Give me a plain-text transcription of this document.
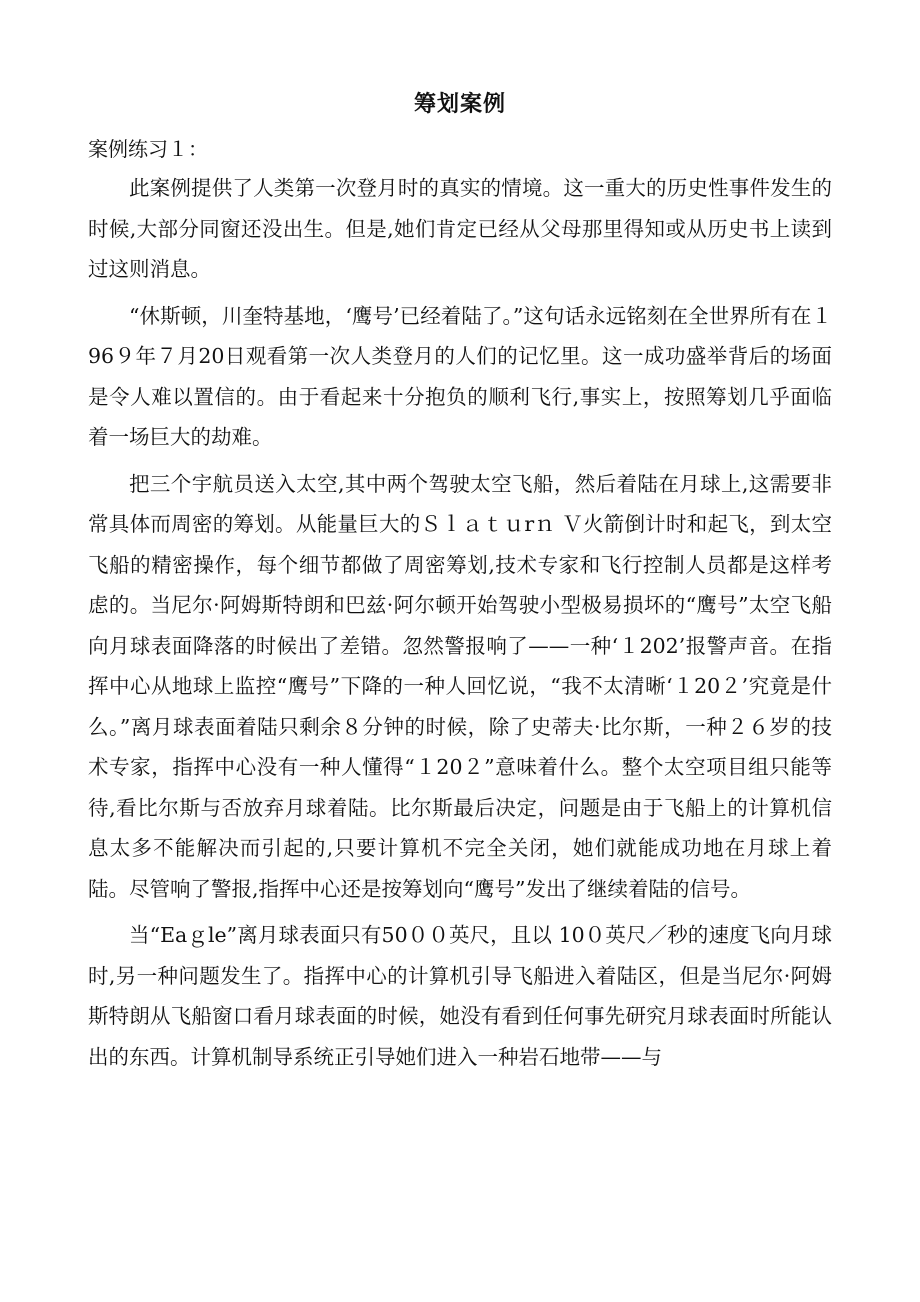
筹划案例
案例练习１：

此案例提供了人类第一次登月时的真实的情境。这一重大的历史性事件发生的时候,大部分同窗还没出生。但是,她们肯定已经从父母那里得知或从历史书上读到过这则消息。

“休斯顿，川奎特基地，‘鹰号’已经着陆了。”这句话永远铭刻在全世界所有在１96９年７月20日观看第一次人类登月的人们的记忆里。这一成功盛举背后的场面是令人难以置信的。由于看起来十分抱负的顺利飞行,事实上，按照筹划几乎面临着一场巨大的劫难。

把三个宇航员送入太空,其中两个驾驶太空飞船，然后着陆在月球上,这需要非常具体而周密的筹划。从能量巨大的Ｓｌａｔｕrｎ Ｖ火箭倒计时和起飞，到太空飞船的精密操作，每个细节都做了周密筹划,技术专家和飞行控制人员都是这样考虑的。当尼尔·阿姆斯特朗和巴兹·阿尔顿开始驾驶小型极易损坏的“鹰号”太空飞船向月球表面降落的时候出了差错。忽然警报响了——一种‘１202’报警声音。在指挥中心从地球上监控“鹰号”下降的一种人回忆说，“我不太清晰‘１20２’究竟是什么。”离月球表面着陆只剩余８分钟的时候，除了史蒂夫·比尔斯，一种２６岁的技术专家，指挥中心没有一种人懂得“１20２”意味着什么。整个太空项目组只能等待,看比尔斯与否放弃月球着陆。比尔斯最后决定，问题是由于飞船上的计算机信息太多不能解决而引起的,只要计算机不完全关闭，她们就能成功地在月球上着陆。尽管响了警报,指挥中心还是按筹划向“鹰号”发出了继续着陆的信号。

当“Eaｇle”离月球表面只有50００英尺，且以 10０英尺／秒的速度飞向月球时,另一种问题发生了。指挥中心的计算机引导飞船进入着陆区，但是当尼尔·阿姆斯特朗从飞船窗口看月球表面的时候，她没有看到任何事先研究月球表面时所能认出的东西。计算机制导系统正引导她们进入一种岩石地带——与
